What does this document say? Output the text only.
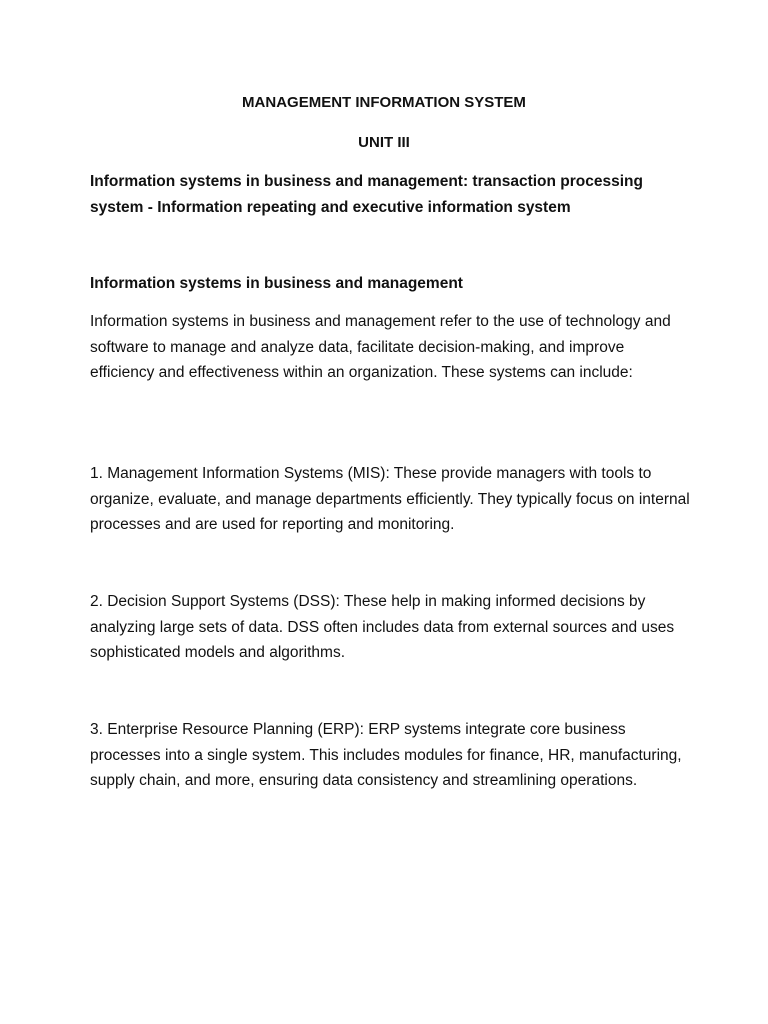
MANAGEMENT INFORMATION SYSTEM
UNIT III

Information systems in business and management: transaction processing system - Information repeating and executive information system

Information systems in business and management

Information systems in business and management refer to the use of technology and software to manage and analyze data, facilitate decision-making, and improve efficiency and effectiveness within an organization. These systems can include:

1. Management Information Systems (MIS): These provide managers with tools to organize, evaluate, and manage departments efficiently. They typically focus on internal processes and are used for reporting and monitoring.

2. Decision Support Systems (DSS): These help in making informed decisions by analyzing large sets of data. DSS often includes data from external sources and uses sophisticated models and algorithms.

3. Enterprise Resource Planning (ERP): ERP systems integrate core business processes into a single system. This includes modules for finance, HR, manufacturing, supply chain, and more, ensuring data consistency and streamlining operations.
